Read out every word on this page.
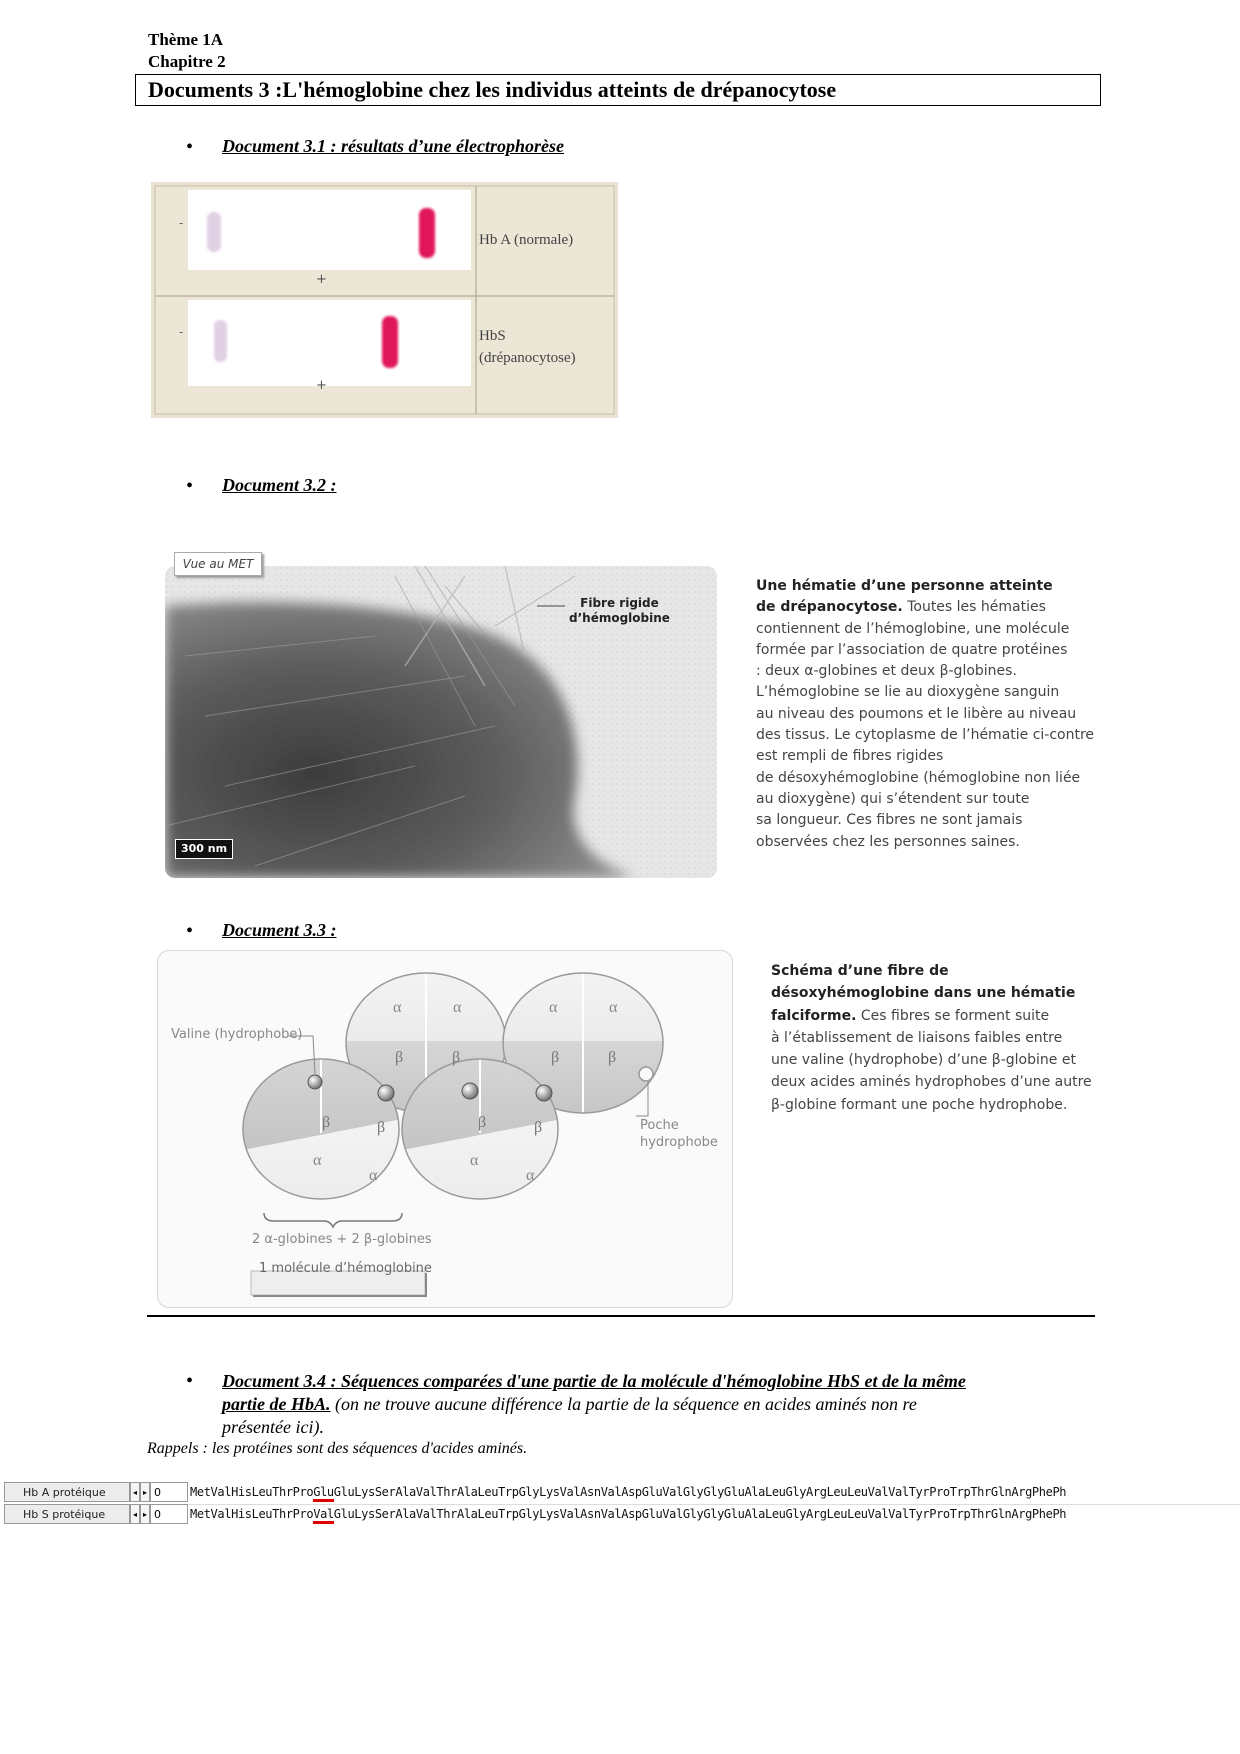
Thème 1A
Chapitre 2
Documents 3 :L'hémoglobine chez les individus atteints de drépanocytose
• Document 3.1 : résultats d’une électrophorèse
-
-
+
+
Hb A (normale)
HbS
(drépanocytose)
• Document 3.2 :
300 nm
Fibre rigide
d’hémoglobine
Vue au MET
Une hématie d’une personne atteinte
de drépanocytose. Toutes les hématies
contiennent de l’hémoglobine, une molécule
formée par l’association de quatre protéines
: deux α-globines et deux β-globines.
L’hémoglobine se lie au dioxygène sanguin
au niveau des poumons et le libère au niveau
des tissus. Le cytoplasme de l’hématie ci-contre
est rempli de fibres rigides
de désoxyhémoglobine (hémoglobine non liée
au dioxygène) qui s’étendent sur toute
sa longueur. Ces fibres ne sont jamais
observées chez les personnes saines.
• Document 3.3 :
α	α	α	α
β	β	β	β
β	β	β	β
α
α
α
α
Valine (hydrophobe)
Poche
hydrophobe
2 α-globines + 2 β-globines
1 molécule d’hémoglobine
Schéma d’une fibre de
désoxyhémoglobine dans une hématie
falciforme. Ces fibres se forment suite
à l’établissement de liaisons faibles entre
une valine (hydrophobe) d’une β-globine et
deux acides aminés hydrophobes d’une autre
β-globine formant une poche hydrophobe.
• Document 3.4 : Séquences comparées d'une partie de la molécule d'hémoglobine HbS et de la même
partie de HbA. (on ne trouve aucune différence la partie de la séquence en acides aminés non re
présentée ici).
Rappels : les protéines sont des séquences d'acides aminés.
Hb A protéique	◂ ▸ 0	MetValHisLeuThrProGluGluLysSerAlaValThrAlaLeuTrpGlyLysValAsnValAspGluValGlyGlyGluAlaLeuGlyArgLeuLeuValValTyrProTrpThrGlnArgPhePh
Hb S protéique	◂ ▸ 0	MetValHisLeuThrProValGluLysSerAlaValThrAlaLeuTrpGlyLysValAsnValAspGluValGlyGlyGluAlaLeuGlyArgLeuLeuValValTyrProTrpThrGlnArgPhePh
